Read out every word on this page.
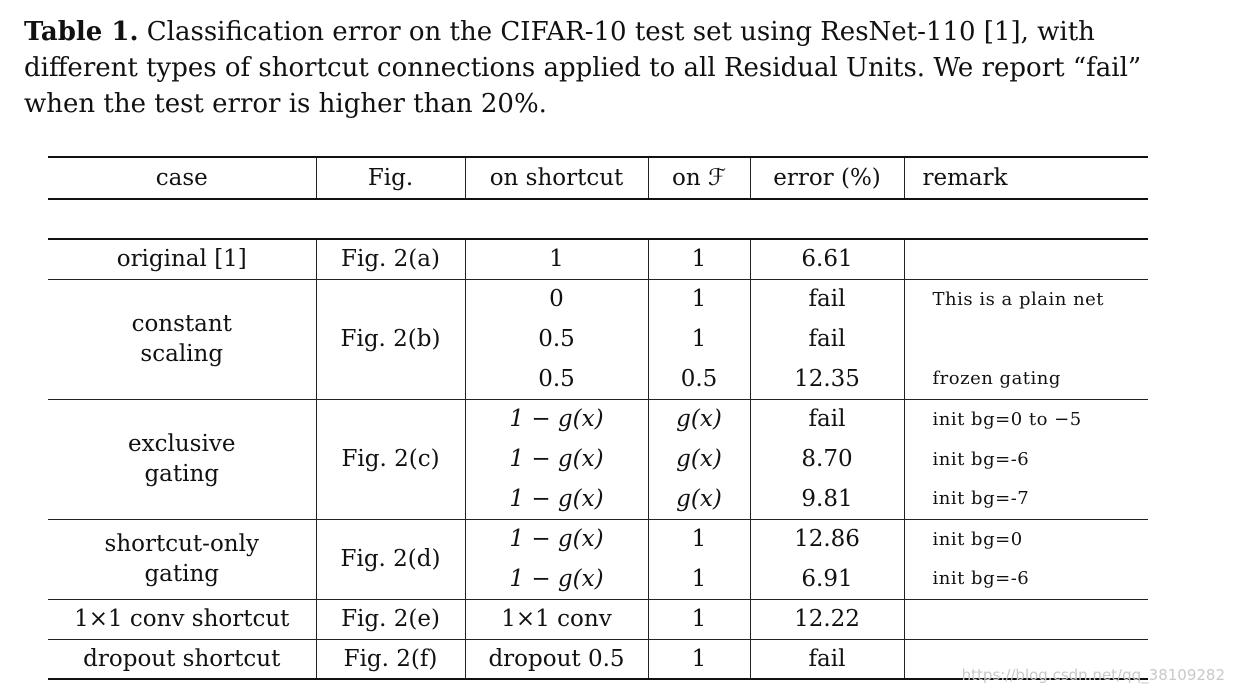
Table 1. Classification error on the CIFAR-10 test set using ResNet-110 [1], with different types of shortcut connections applied to all Residual Units. We report “fail” when the test error is higher than 20%.
case	Fig.	on shortcut	on ℱ	error (%)	remark

original [1]	Fig. 2(a)	1	1	6.61	
constant scaling	Fig. 2(b)	0	1	fail	This is a plain net
		0.5	1	fail	
		0.5	0.5	12.35	frozen gating
exclusive gating	Fig. 2(c)	1 − g(x)	g(x)	fail	init bg=0 to −5
		1 − g(x)	g(x)	8.70	init bg=-6
		1 − g(x)	g(x)	9.81	init bg=-7
shortcut-only gating	Fig. 2(d)	1 − g(x)	1	12.86	init bg=0
		1 − g(x)	1	6.91	init bg=-6
1×1 conv shortcut	Fig. 2(e)	1×1 conv	1	12.22	
dropout shortcut	Fig. 2(f)	dropout 0.5	1	fail	
https://blog.csdn.net/qq_38109282
